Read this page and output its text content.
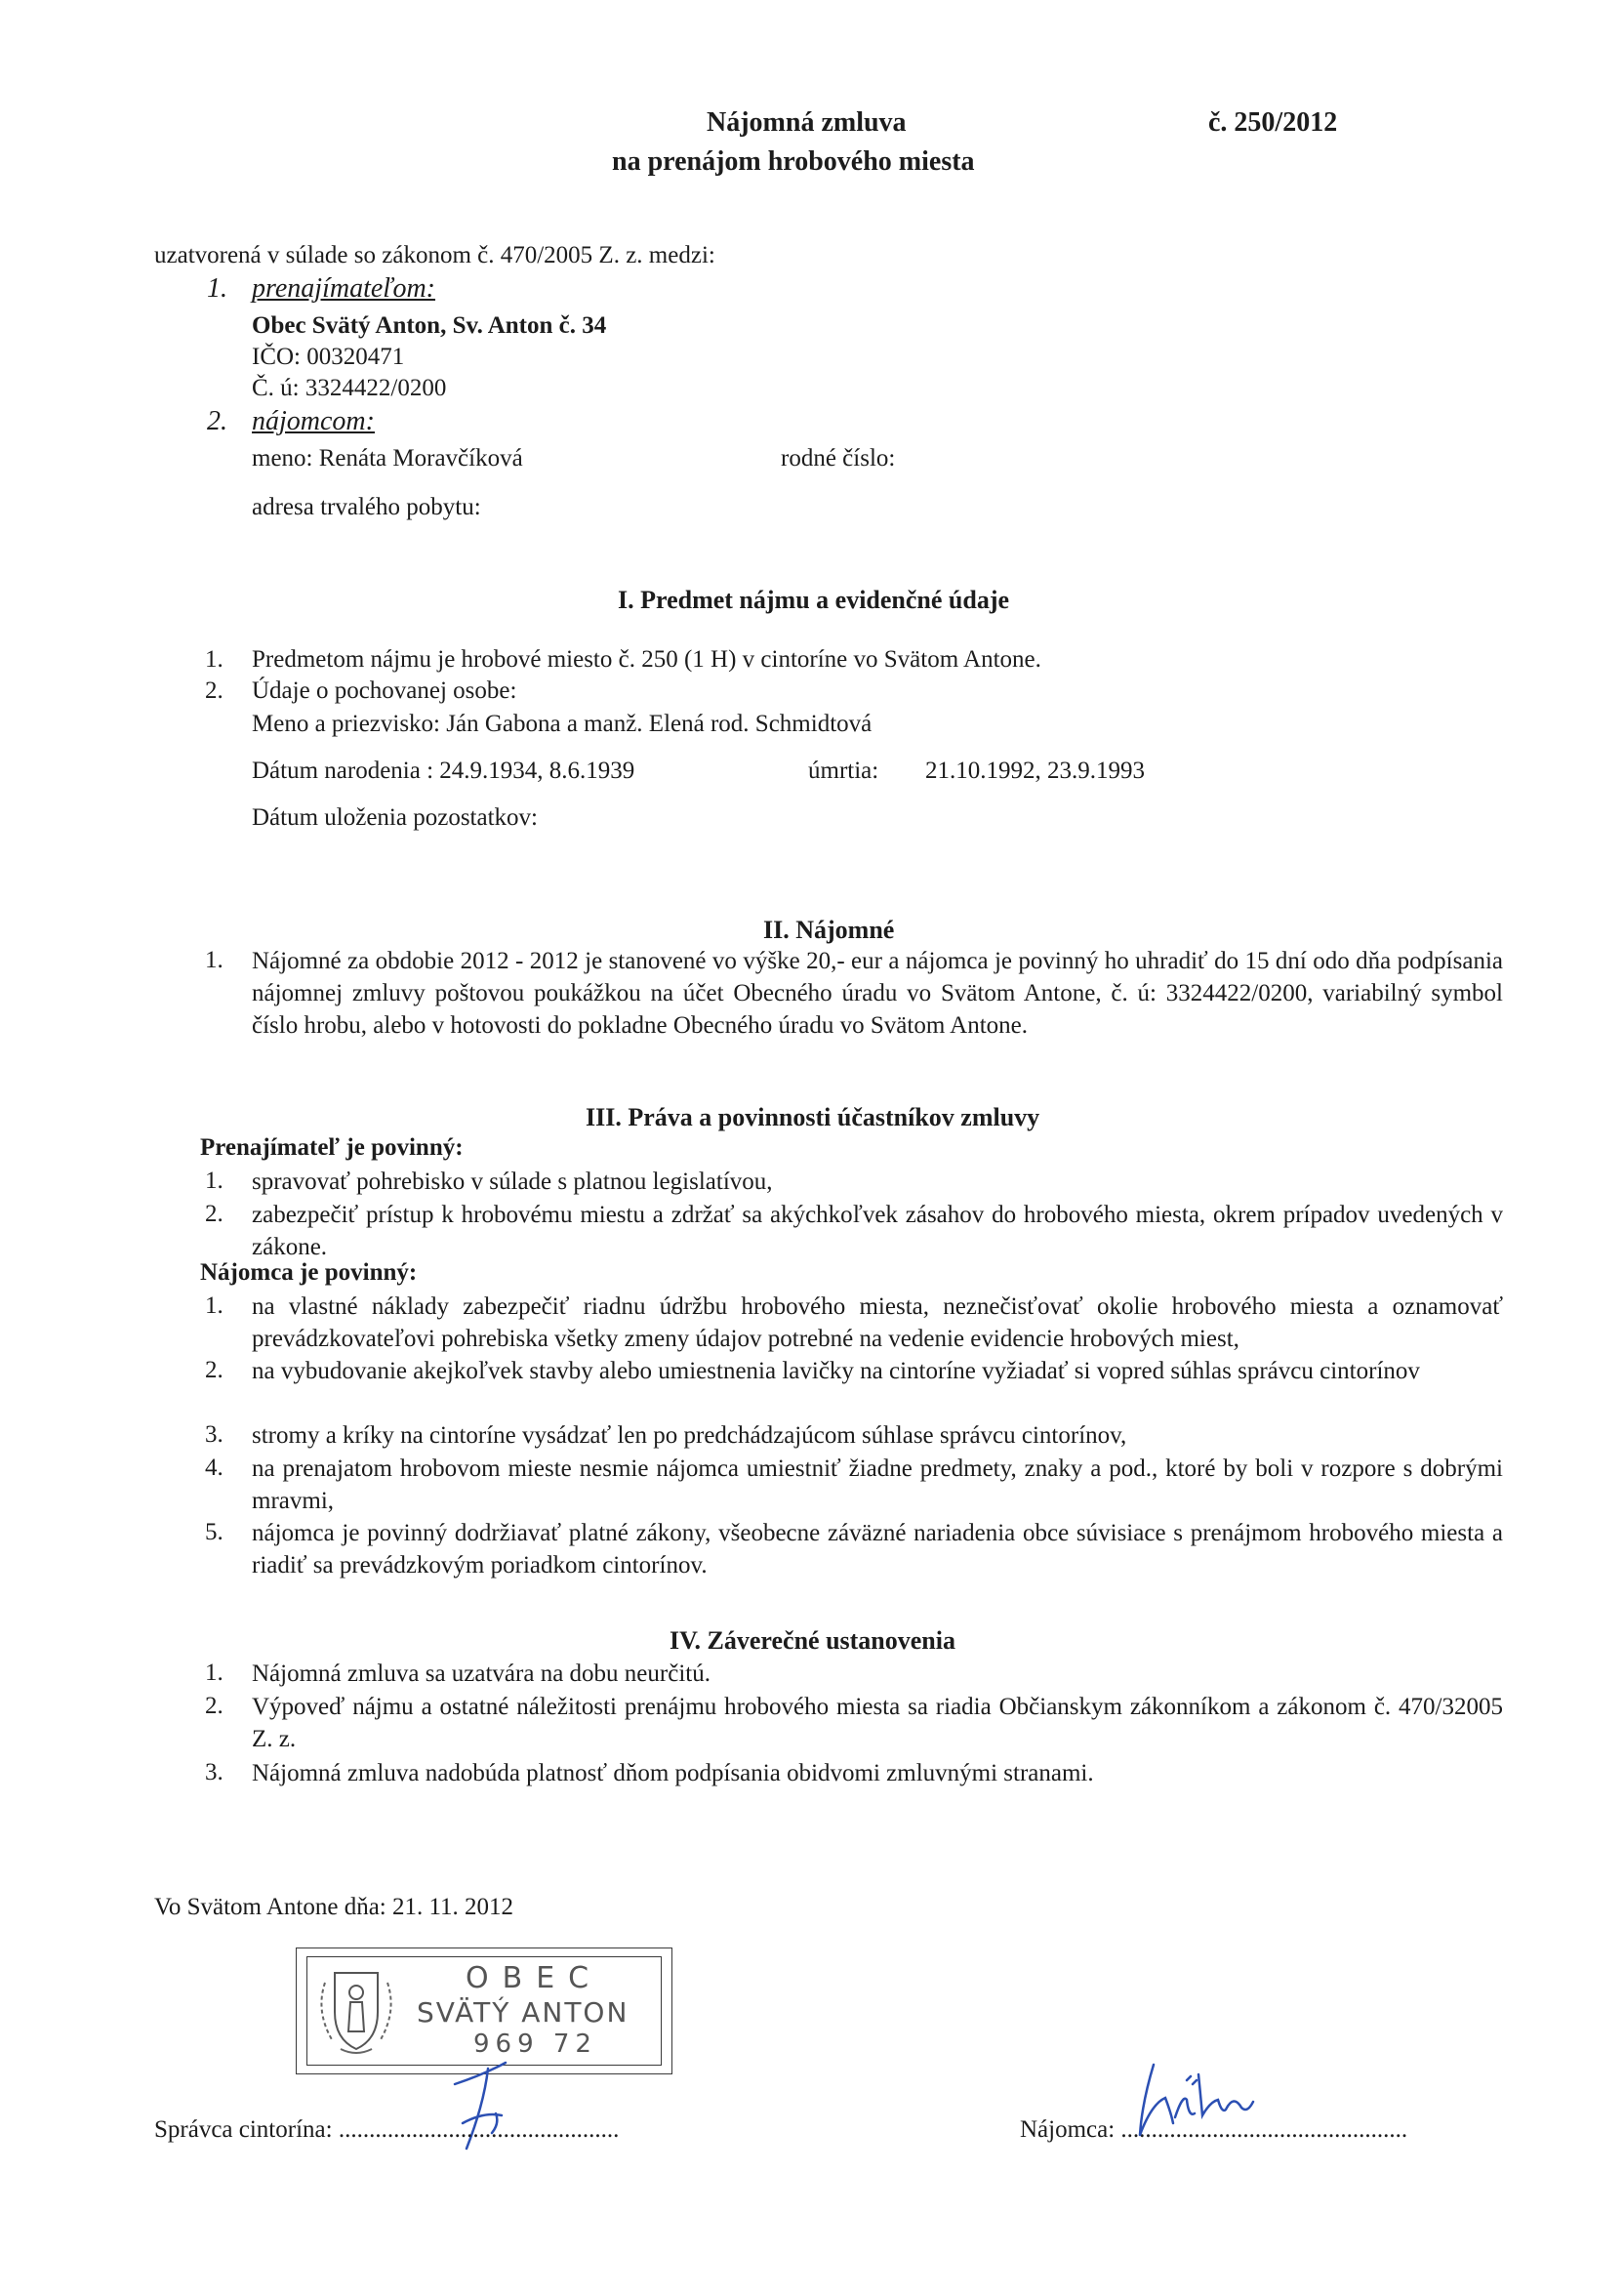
Nájomná zmluva
na prenájom hrobového miesta
č. 250/2012
uzatvorená v súlade so zákonom č. 470/2005 Z. z. medzi:
1. prenajímateľom:
Obec Svätý Anton, Sv. Anton č. 34
IČO: 00320471
Č. ú: 3324422/0200
2. nájomcom:
meno: Renáta Moravčíková	rodné číslo:
adresa trvalého pobytu:
I. Predmet nájmu a evidenčné údaje
1. Predmetom nájmu je hrobové miesto č. 250 (1 H) v cintoríne vo Svätom Antone.
2. Údaje o pochovanej osobe:
Meno a priezvisko: Ján Gabona a manž. Elená rod. Schmidtová
Dátum narodenia : 24.9.1934, 8.6.1939	úmrtia: 21.10.1992, 23.9.1993
Dátum uloženia pozostatkov:
II. Nájomné
1. Nájomné za obdobie 2012 - 2012 je stanovené vo výške 20,- eur a nájomca je povinný ho uhradiť do 15 dní odo dňa podpísania nájomnej zmluvy poštovou poukážkou na účet Obecného úradu vo Svätom Antone, č. ú: 3324422/0200, variabilný symbol číslo hrobu, alebo v hotovosti do pokladne Obecného úradu vo Svätom Antone.

III. Práva a povinnosti účastníkov zmluvy
Prenajímateľ je povinný:
1. spravovať pohrebisko v súlade s platnou legislatívou,

2. zabezpečiť prístup k hrobovému miestu a zdržať sa akýchkoľvek zásahov do hrobového miesta, okrem prípadov uvedených v zákone.

Nájomca je povinný:
1. na vlastné náklady zabezpečiť riadnu údržbu hrobového miesta, neznečisťovať okolie hrobového miesta a oznamovať prevádzkovateľovi pohrebiska všetky zmeny údajov potrebné na vedenie evidencie hrobových miest,

2. na vybudovanie akejkoľvek stavby alebo umiestnenia lavičky na cintoríne vyžiadať si vopred súhlas správcu cintorínov

3. stromy a kríky na cintoríne vysádzať len po predchádzajúcom súhlase správcu cintorínov,

4. na prenajatom hrobovom mieste nesmie nájomca umiestniť žiadne predmety, znaky a pod., ktoré by boli v rozpore s dobrými mravmi,

5. nájomca je povinný dodržiavať platné zákony, všeobecne záväzné nariadenia obce súvisiace s prenájmom hrobového miesta a riadiť sa prevádzkovým poriadkom cintorínov.

IV. Záverečné ustanovenia
1. Nájomná zmluva sa uzatvára na dobu neurčitú.

2. Výpoveď nájmu a ostatné náležitosti prenájmu hrobového miesta sa riadia Občianskym zákonníkom a zákonom č. 470/32005 Z. z.

3. Nájomná zmluva nadobúda platnosť dňom podpísania obidvomi zmluvnými stranami.

Vo Svätom Antone dňa: 21. 11. 2012
OBEC
SVÄTÝ ANTON
969 72
Správca cintorína: ..............................................	Nájomca: ...............................................
